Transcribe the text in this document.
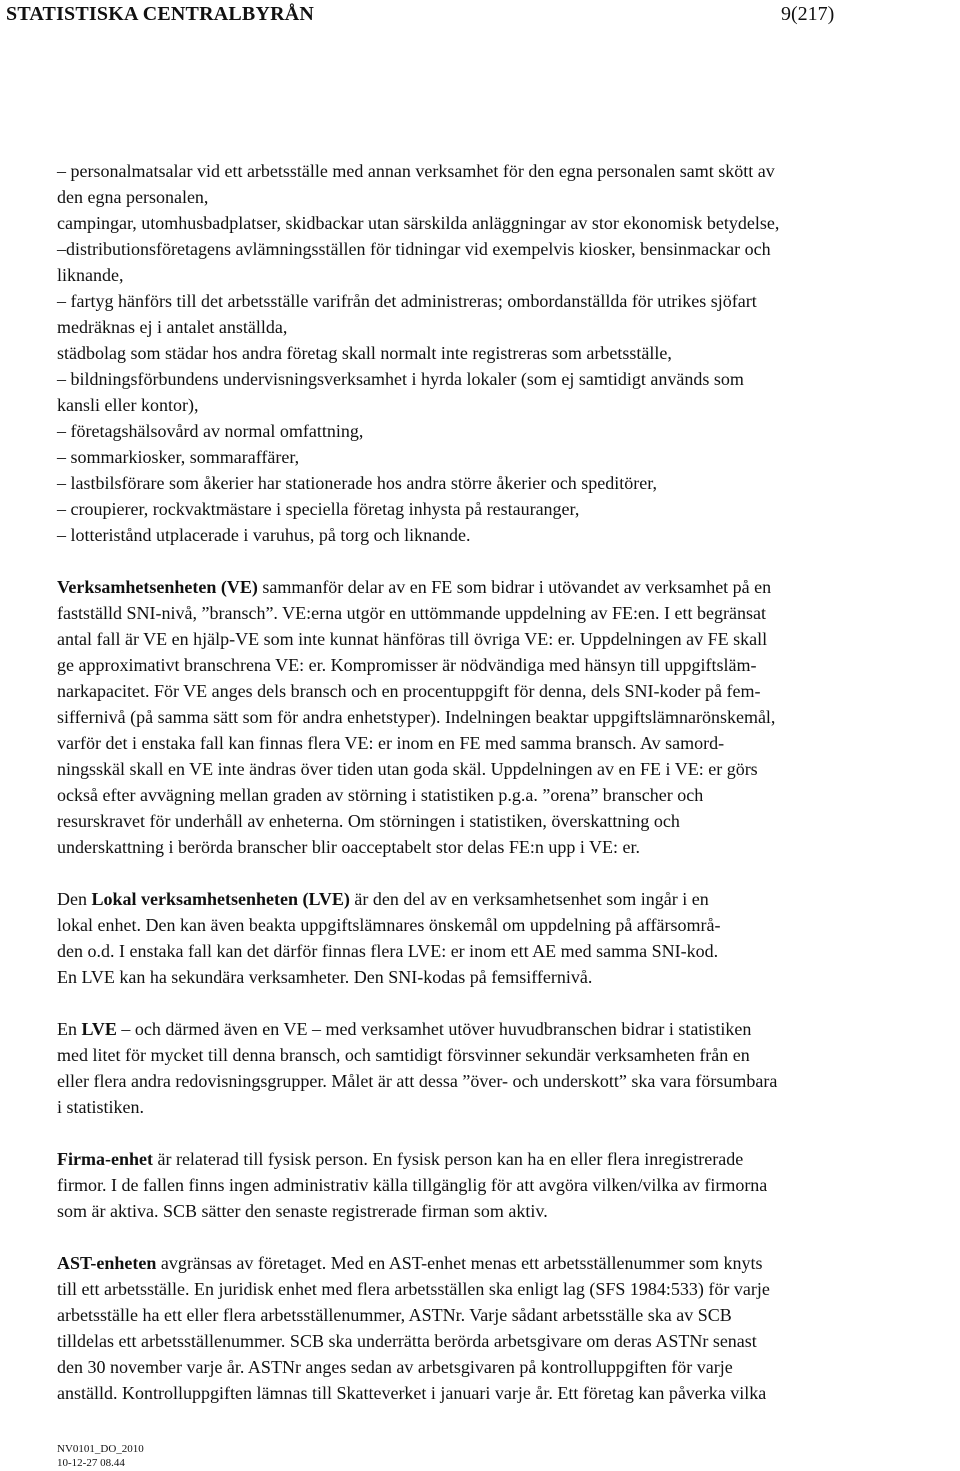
STATISTISKA CENTRALBYRÅN	9(217)

– personalmatsalar vid ett arbetsställe med annan verksamhet för den egna personalen samt skött av

den egna personalen,

campingar, utomhusbadplatser, skidbackar utan särskilda anläggningar av stor ekonomisk betydelse,

–distributionsföretagens avlämningsställen för tidningar vid exempelvis kiosker, bensinmackar och

liknande,

– fartyg hänförs till det arbetsställe varifrån det administreras; ombordanställda för utrikes sjöfart

medräknas ej i antalet anställda,

städbolag som städar hos andra företag skall normalt inte registreras som arbetsställe,

– bildningsförbundens undervisningsverksamhet i hyrda lokaler (som ej samtidigt används som

kansli eller kontor),

– företagshälsovård av normal omfattning,

– sommarkiosker, sommaraffärer,

– lastbilsförare som åkerier har stationerade hos andra större åkerier och speditörer,

– croupierer, rockvaktmästare i speciella företag inhysta på restauranger,

– lotteristånd utplacerade i varuhus, på torg och liknande.

Verksamhetsenheten (VE) sammanför delar av en FE som bidrar i utövandet av verksamhet på en

fastställd SNI-nivå, ”bransch”. VE:erna utgör en uttömmande uppdelning av FE:en. I ett begränsat

antal fall är VE en hjälp-VE som inte kunnat hänföras till övriga VE: er. Uppdelningen av FE skall

ge approximativt branschrena VE: er. Kompromisser är nödvändiga med hänsyn till uppgiftsläm-

narkapacitet. För VE anges dels bransch och en procentuppgift för denna, dels SNI-koder på fem-

siffernivå (på samma sätt som för andra enhetstyper). Indelningen beaktar uppgiftslämnarönskemål,

varför det i enstaka fall kan finnas flera VE: er inom en FE med samma bransch. Av samord-

ningsskäl skall en VE inte ändras över tiden utan goda skäl. Uppdelningen av en FE i VE: er görs

också efter avvägning mellan graden av störning i statistiken p.g.a. ”orena” branscher och

resurskravet för underhåll av enheterna. Om störningen i statistiken, överskattning och

underskattning i berörda branscher blir oacceptabelt stor delas FE:n upp i VE: er.

Den Lokal verksamhetsenheten (LVE) är den del av en verksamhetsenhet som ingår i en

lokal enhet. Den kan även beakta uppgiftslämnares önskemål om uppdelning på affärsområ-

den o.d. I enstaka fall kan det därför finnas flera LVE: er inom ett AE med samma SNI-kod.

En LVE kan ha sekundära verksamheter. Den SNI-kodas på femsiffernivå.

En LVE – och därmed även en VE – med verksamhet utöver huvudbranschen bidrar i statistiken

med litet för mycket till denna bransch, och samtidigt försvinner sekundär verksamheten från en

eller flera andra redovisningsgrupper. Målet är att dessa ”över- och underskott” ska vara försumbara

i statistiken.

Firma-enhet är relaterad till fysisk person. En fysisk person kan ha en eller flera inregistrerade

firmor. I de fallen finns ingen administrativ källa tillgänglig för att avgöra vilken/vilka av firmorna

som är aktiva. SCB sätter den senaste registrerade firman som aktiv.

AST-enheten avgränsas av företaget. Med en AST-enhet menas ett arbetsställenummer som knyts

till ett arbetsställe. En juridisk enhet med flera arbetsställen ska enligt lag (SFS 1984:533) för varje

arbetsställe ha ett eller flera arbetsställenummer, ASTNr. Varje sådant arbetsställe ska av SCB

tilldelas ett arbetsställenummer. SCB ska underrätta berörda arbetsgivare om deras ASTNr senast

den 30 november varje år. ASTNr anges sedan av arbetsgivaren på kontrolluppgiften för varje

anställd. Kontrolluppgiften lämnas till Skatteverket i januari varje år. Ett företag kan påverka vilka

NV0101_DO_2010
10-12-27 08.44
